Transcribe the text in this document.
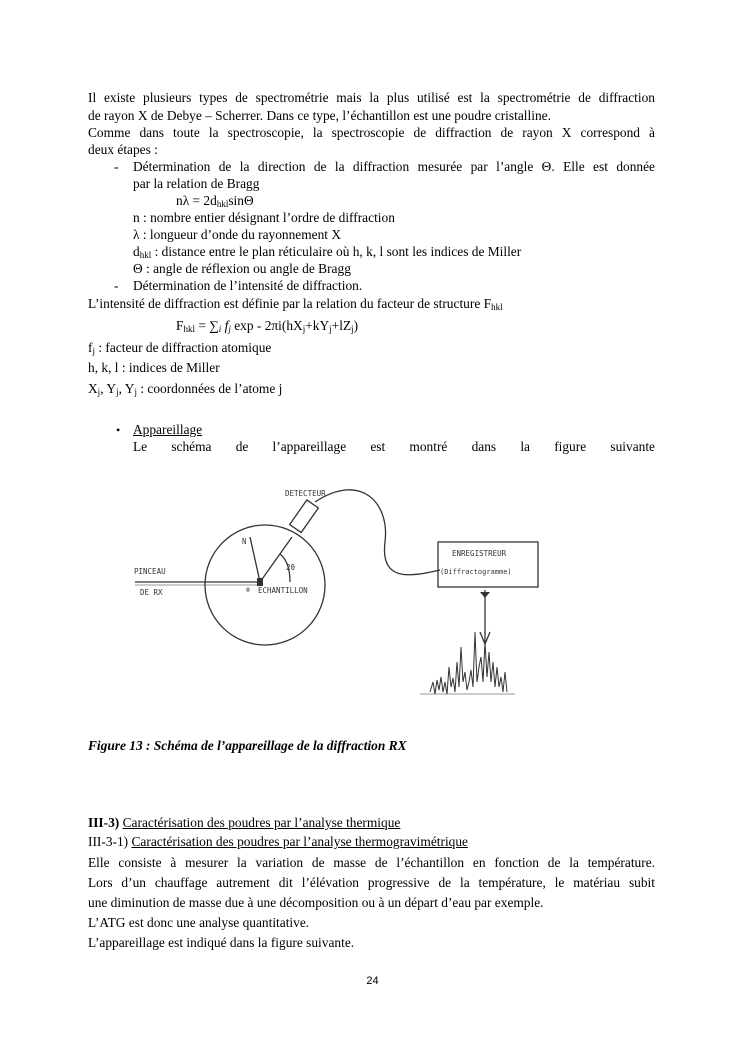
Il existe plusieurs types de spectrométrie mais la plus utilisé est la spectrométrie de diffraction
de rayon X de Debye – Scherrer. Dans ce type, l’échantillon est une poudre cristalline.
Comme dans toute la spectroscopie, la spectroscopie de diffraction de rayon X correspond à
deux étapes :
- Détermination de la direction de la diffraction mesurée par l’angle Θ. Elle est donnée
par la relation de Bragg
$n\lambda = 2d_{hkl}\sin\Theta$
n : nombre entier désignant l’ordre de diffraction
λ : longueur d’onde du rayonnement X
$d_{hkl}$ : distance entre le plan réticulaire où h, k, l sont les indices de Miller
Θ : angle de réflexion ou angle de Bragg
- Détermination de l’intensité de diffraction.
L’intensité de diffraction est définie par la relation du facteur de structure $F_{hkl}$
$F_{hkl} = \sum_i$ $f_j$ $\exp - 2\pi i(hX_j+kY_j+lZ_j)$
$f_j$ : facteur de diffraction atomique
h, k, l : indices de Miller
$X_j$, $Y_j$, $Y_j$ : coordonnées de l’atome j
• Appareillage
Le schéma de l’appareillage est montré dans la figure suivante
DETECTEUR
PINCEAU
DE RX
N
2θ
θ ECHANTILLON
ENREGISTREUR
(Diffractogramme)
Figure 13 : Schéma de l’appareillage de la diffraction RX
III-3) Caractérisation des poudres par l’analyse thermique
III-3-1) Caractérisation des poudres par l’analyse thermogravimétrique
Elle consiste à mesurer la variation de masse de l’échantillon en fonction de la température.
Lors d’un chauffage autrement dit l’élévation progressive de la température, le matériau subit
une diminution de masse due à une décomposition ou à un départ d’eau par exemple.
L’ATG est donc une analyse quantitative.
L’appareillage est indiqué dans la figure suivante.
24
